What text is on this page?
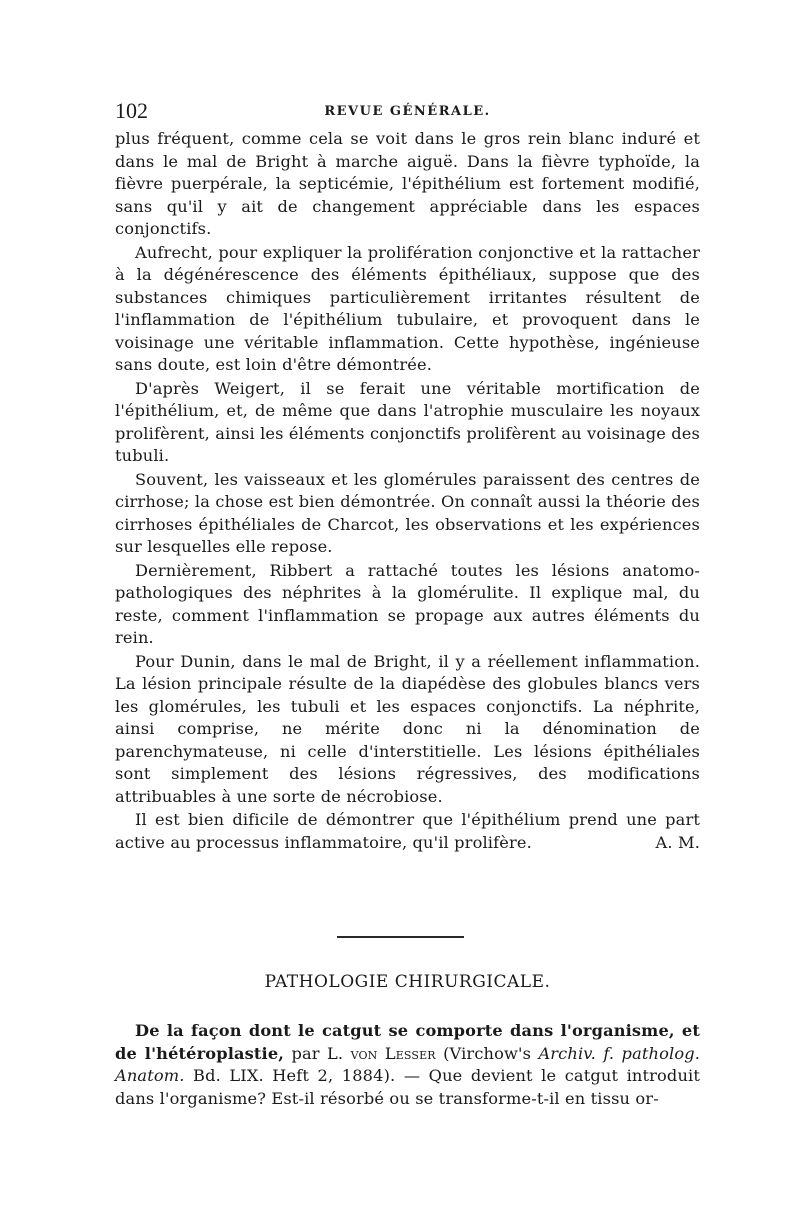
102	REVUE GÉNÉRALE.

plus fréquent, comme cela se voit dans le gros rein blanc induré et dans le mal de Bright à marche aiguë. Dans la fièvre typhoïde, la fièvre puerpérale, la septicémie, l'épithélium est fortement modifié, sans qu'il y ait de changement appréciable dans les espaces conjonctifs.

Aufrecht, pour expliquer la prolifération conjonctive et la rattacher à la dégénérescence des éléments épithéliaux, suppose que des substances chimiques particulièrement irritantes résultent de l'inflammation de l'épithélium tubulaire, et provoquent dans le voisinage une véritable inflammation. Cette hypothèse, ingénieuse sans doute, est loin d'être démontrée.

D'après Weigert, il se ferait une véritable mortification de l'épithélium, et, de même que dans l'atrophie musculaire les noyaux prolifèrent, ainsi les éléments conjonctifs prolifèrent au voisinage des tubuli.

Souvent, les vaisseaux et les glomérules paraissent des centres de cirrhose; la chose est bien démontrée. On connaît aussi la théorie des cirrhoses épithéliales de Charcot, les observations et les expériences sur lesquelles elle repose.

Dernièrement, Ribbert a rattaché toutes les lésions anatomo-pathologiques des néphrites à la glomérulite. Il explique mal, du reste, comment l'inflammation se propage aux autres éléments du rein.

Pour Dunin, dans le mal de Bright, il y a réellement inflammation. La lésion principale résulte de la diapédèse des globules blancs vers les glomérules, les tubuli et les espaces conjonctifs. La néphrite, ainsi comprise, ne mérite donc ni la dénomination de parenchymateuse, ni celle d'interstitielle. Les lésions épithéliales sont simplement des lésions régressives, des modifications attribuables à une sorte de nécrobiose.

Il est bien dificile de démontrer que l'épithélium prend une part active au processus inflammatoire, qu'il prolifère.	A. M.

PATHOLOGIE CHIRURGICALE.

De la façon dont le catgut se comporte dans l'organisme, et de l'hétéroplastie, par L. von Lesser (Virchow's Archiv. f. patholog. Anatom. Bd. LIX. Heft 2, 1884). — Que devient le catgut introduit dans l'organisme? Est-il résorbé ou se transforme-t-il en tissu or-
